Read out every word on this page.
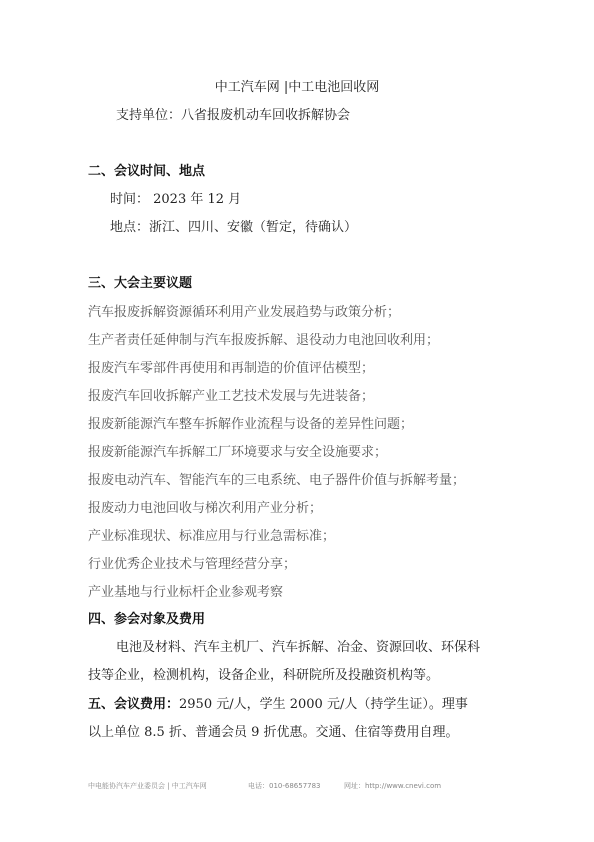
中工汽车网 |中工电池回收网
支持单位：八省报废机动车回收拆解协会
二、会议时间、地点
时间： 2023 年 12 月
地点：浙江、四川、安徽（暂定，待确认）
三、大会主要议题
汽车报废拆解资源循环利用产业发展趋势与政策分析；
生产者责任延伸制与汽车报废拆解、退役动力电池回收利用；
报废汽车零部件再使用和再制造的价值评估模型；
报废汽车回收拆解产业工艺技术发展与先进装备；
报废新能源汽车整车拆解作业流程与设备的差异性问题；
报废新能源汽车拆解工厂环境要求与安全设施要求；
报废电动汽车、智能汽车的三电系统、电子器件价值与拆解考量；
报废动力电池回收与梯次利用产业分析；
产业标准现状、标准应用与行业急需标准；
行业优秀企业技术与管理经营分享；
产业基地与行业标杆企业参观考察
四、参会对象及费用
电池及材料、汽车主机厂、汽车拆解、冶金、资源回收、环保科
技等企业，检测机构，设备企业，科研院所及投融资机构等。
五、会议费用：2950 元/人，学生 2000 元/人（持学生证）。理事
以上单位 8.5 折、普通会员 9 折优惠。交通、住宿等费用自理。
中电能协汽车产业委员会 | 中工汽车网	电话：010-68657783	网址：http://www.cnevi.com
